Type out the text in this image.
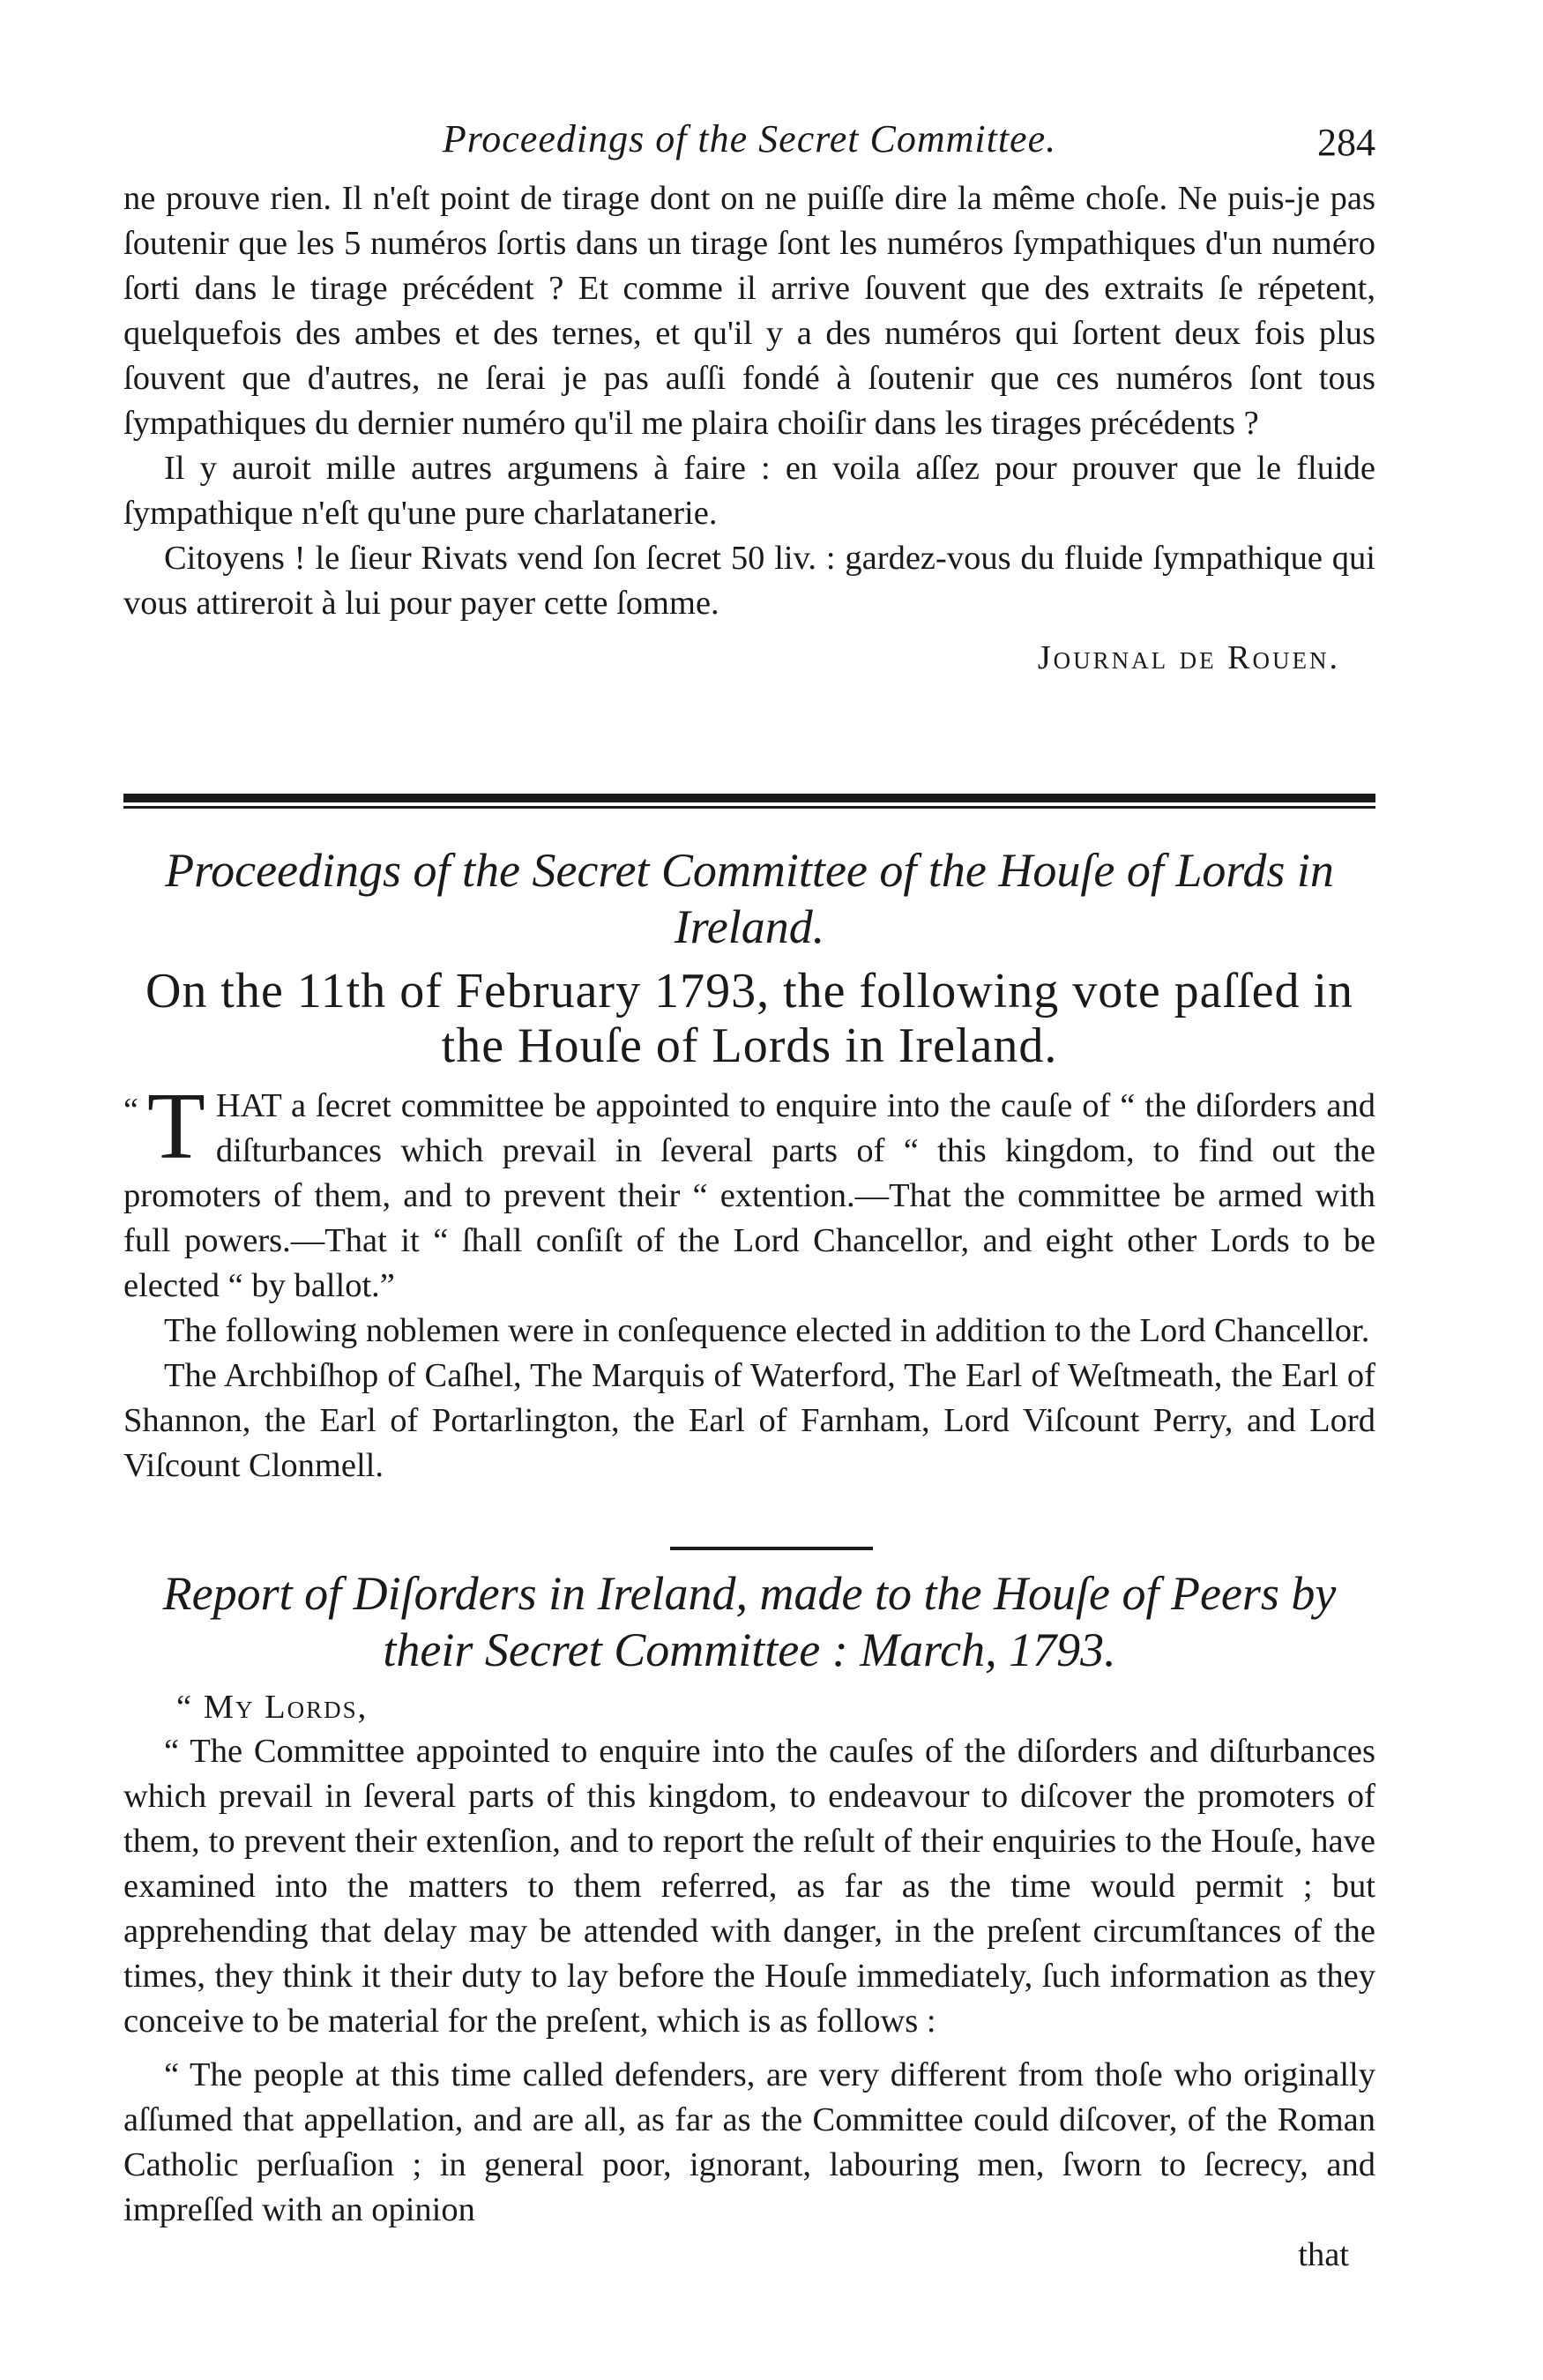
Proceedings of the Secret Committee.	284

ne prouve rien. Il n'eſt point de tirage dont on ne puiſſe dire la même choſe. Ne puis-je pas ſoutenir que les 5 numéros ſortis dans un tirage ſont les numéros ſympathiques d'un numéro ſorti dans le tirage précédent ? Et comme il arrive ſouvent que des extraits ſe répetent, quelquefois des ambes et des ternes, et qu'il y a des numéros qui ſortent deux fois plus ſouvent que d'autres, ne ſerai je pas auſſi fondé à ſoutenir que ces numéros ſont tous ſympathiques du dernier numéro qu'il me plaira choiſir dans les tirages précédents ?

Il y auroit mille autres argumens à faire : en voila aſſez pour prouver que le fluide ſympathique n'eſt qu'une pure charlatanerie.

Citoyens ! le ſieur Rivats vend ſon ſecret 50 liv. : gardez-vous du fluide ſympathique qui vous attireroit à lui pour payer cette ſomme.

Journal de Rouen.

Proceedings of the Secret Committee of the Houſe of Lords in Ireland.

On the 11th of February 1793, the following vote paſſed in the Houſe of Lords in Ireland.

“ T HAT a ſecret committee be appointed to enquire into the cauſe of “ the diſorders and diſturbances which prevail in ſeveral parts of “ this kingdom, to find out the promoters of them, and to prevent their “ extention.—That the committee be armed with full powers.—That it “ ſhall conſiſt of the Lord Chancellor, and eight other Lords to be elected “ by ballot.”

The following noblemen were in conſequence elected in addition to the Lord Chancellor.

The Archbiſhop of Caſhel, The Marquis of Waterford, The Earl of Weſtmeath, the Earl of Shannon, the Earl of Portarlington, the Earl of Farnham, Lord Viſcount Perry, and Lord Viſcount Clonmell.

Report of Diſorders in Ireland, made to the Houſe of Peers by their Secret Committee : March, 1793.

“ My Lords,

“ The Committee appointed to enquire into the cauſes of the diſorders and diſturbances which prevail in ſeveral parts of this kingdom, to endeavour to diſcover the promoters of them, to prevent their extenſion, and to report the reſult of their enquiries to the Houſe, have examined into the matters to them referred, as far as the time would permit ; but apprehending that delay may be attended with danger, in the preſent circumſtances of the times, they think it their duty to lay before the Houſe immediately, ſuch information as they conceive to be material for the preſent, which is as follows :

“ The people at this time called defenders, are very different from thoſe who originally aſſumed that appellation, and are all, as far as the Committee could diſcover, of the Roman Catholic perſuaſion ; in general poor, ignorant, labouring men, ſworn to ſecrecy, and impreſſed with an opinion

that
